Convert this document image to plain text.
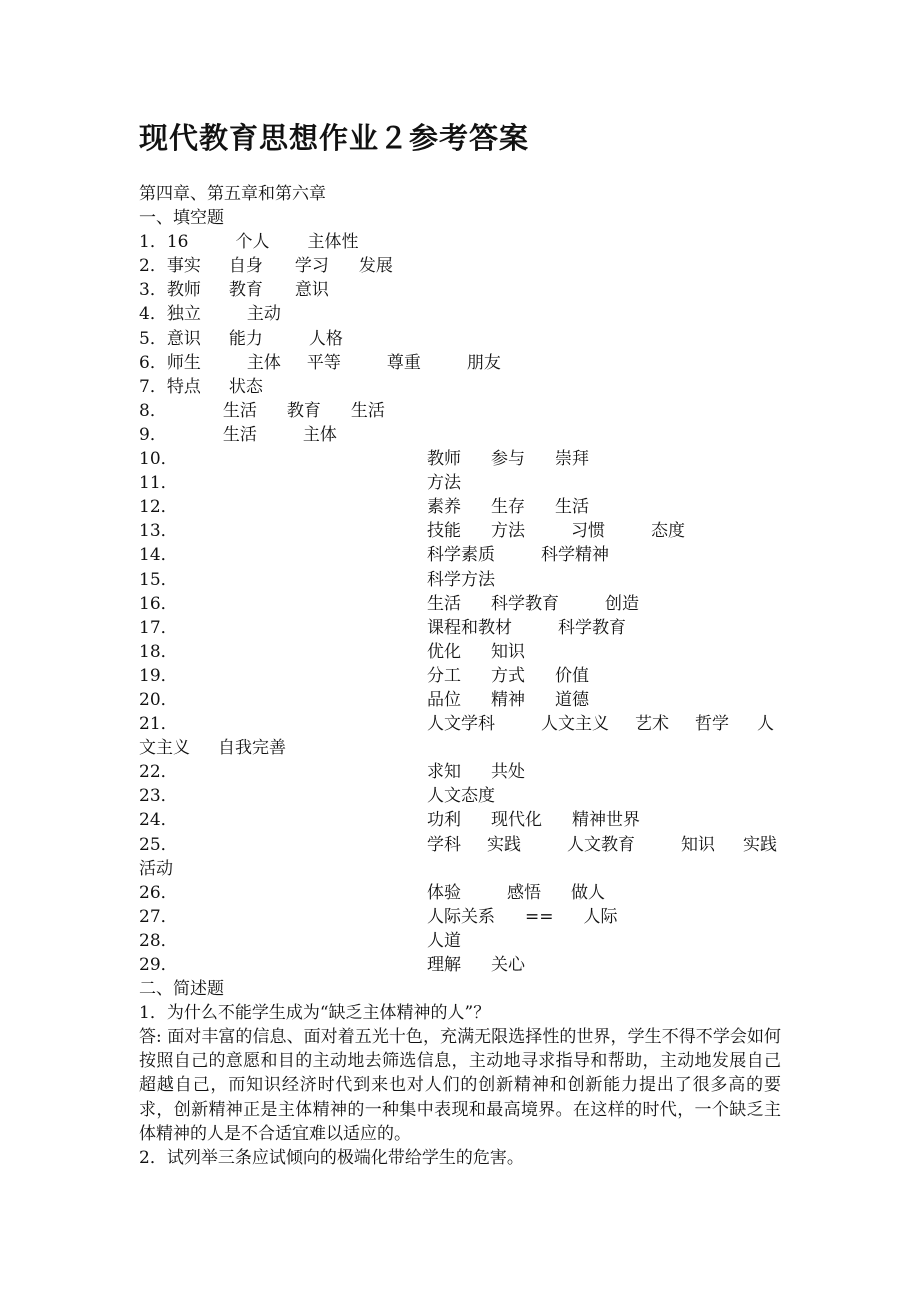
现代教育思想作业２参考答案
第四章、第五章和第六章
一、填空题
1．16	个人 主体性
2．事实 自身 学习 发展
3．教师 教育 意识
4．独立	主动
5．意识 能力	人格
6．师生	主体 平等	尊重	朋友
7．特点 状态
8．	生活 教育 生活
9．	生活	主体
10．	教师 参与 崇拜
11．	方法
12．	素养 生存 生活
13．	技能 方法	习惯	态度
14．	科学素质	科学精神
15．	科学方法
16．	生活 科学教育	创造
17．	课程和教材	科学教育
18．	优化 知识
19．	分工 方式 价值
20．	品位 精神 道德
21．	人文学科	人文主义 艺术 哲学 人
文主义 自我完善
22．	求知 共处
23．	人文态度
24．	功利 现代化 精神世界
25．	学科 实践	人文教育	知识 实践
活动
26．	体验	感悟 做人
27．	人际关系 == 人际
28．	人道
29．	理解 关心
二、简述题
1．为什么不能学生成为“缺乏主体精神的人”？
答: 面对丰富的信息、面对着五光十色，充满无限选择性的世界，学生不得不学会如何按照自己的意愿和目的主动地去筛选信息，主动地寻求指导和帮助，主动地发展自己超越自己，而知识经济时代到来也对人们的创新精神和创新能力提出了很多高的要求，创新精神正是主体精神的一种集中表现和最高境界。在这样的时代，一个缺乏主体精神的人是不合适宜难以适应的。
2．试列举三条应试倾向的极端化带给学生的危害。
